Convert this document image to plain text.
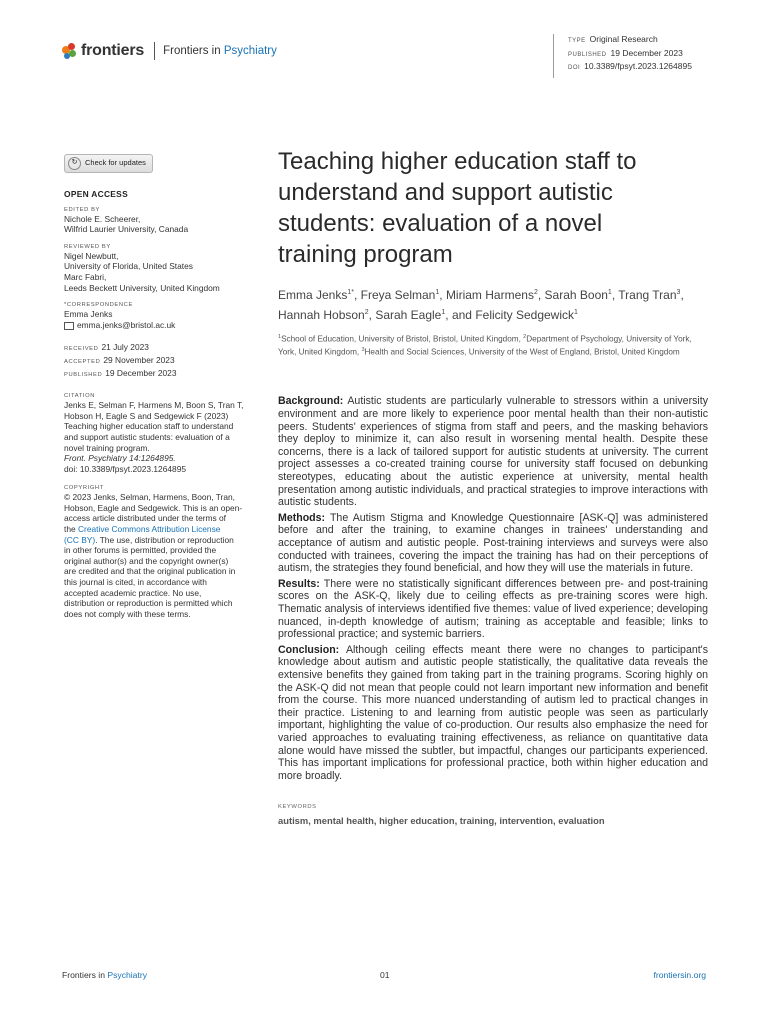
frontiers Frontiers in Psychiatry
TYPE Original Research
PUBLISHED 19 December 2023
DOI 10.3389/fpsyt.2023.1264895
↻	Check for updates
OPEN ACCESS
EDITED BY
Nichole E. Scheerer,
Wilfrid Laurier University, Canada
REVIEWED BY
Nigel Newbutt,
University of Florida, United States
Marc Fabri,
Leeds Beckett University, United Kingdom
*CORRESPONDENCE
Emma Jenks
emma.jenks@bristol.ac.uk
RECEIVED 21 July 2023
ACCEPTED 29 November 2023
PUBLISHED 19 December 2023
CITATION
Jenks E, Selman F, Harmens M, Boon S, Tran T,
Hobson H, Eagle S and Sedgewick F (2023)
Teaching higher education staff to understand
and support autistic students: evaluation of a
novel training program.
Front. Psychiatry 14:1264895.
doi: 10.3389/fpsyt.2023.1264895
COPYRIGHT
© 2023 Jenks, Selman, Harmens, Boon, Tran,
Hobson, Eagle and Sedgewick. This is an open-
access article distributed under the terms of
the Creative Commons Attribution License
(CC BY). The use, distribution or reproduction
in other forums is permitted, provided the
original author(s) and the copyright owner(s)
are credited and that the original publication in
this journal is cited, in accordance with
accepted academic practice. No use,
distribution or reproduction is permitted which
does not comply with these terms.
Teaching higher education staff to
understand and support autistic
students: evaluation of a novel
training program
Emma Jenks$^{1*}$, Freya Selman$^1$, Miriam Harmens$^2$, Sarah Boon$^1$, Trang Tran$^3$, Hannah Hobson$^2$, Sarah Eagle$^1$, and Felicity Sedgewick$^1$
$^1$School of Education, University of Bristol, Bristol, United Kingdom, $^2$Department of Psychology, University of York, York, United Kingdom, $^3$Health and Social Sciences, University of the West of England, Bristol, United Kingdom

Background: Autistic students are particularly vulnerable to stressors within a university environment and are more likely to experience poor mental health than their non-autistic peers. Students' experiences of stigma from staff and peers, and the masking behaviors they deploy to minimize it, can also result in worsening mental health. Despite these concerns, there is a lack of tailored support for autistic students at university. The current project assesses a co-created training course for university staff focused on debunking stereotypes, educating about the autistic experience at university, mental health presentation among autistic individuals, and practical strategies to improve interactions with autistic students.

Methods: The Autism Stigma and Knowledge Questionnaire [ASK-Q] was administered before and after the training, to examine changes in trainees' understanding and acceptance of autism and autistic people. Post-training interviews and surveys were also conducted with trainees, covering the impact the training has had on their perceptions of autism, the strategies they found beneficial, and how they will use the materials in future.

Results: There were no statistically significant differences between pre- and post-training scores on the ASK-Q, likely due to ceiling effects as pre-training scores were high. Thematic analysis of interviews identified five themes: value of lived experience; developing nuanced, in-depth knowledge of autism; training as acceptable and feasible; links to professional practice; and systemic barriers.

Conclusion: Although ceiling effects meant there were no changes to participant's knowledge about autism and autistic people statistically, the qualitative data reveals the extensive benefits they gained from taking part in the training programs. Scoring highly on the ASK-Q did not mean that people could not learn important new information and benefit from the course. This more nuanced understanding of autism led to practical changes in their practice. Listening to and learning from autistic people was seen as particularly important, highlighting the value of co-production. Our results also emphasize the need for varied approaches to evaluating training effectiveness, as reliance on quantitative data alone would have missed the subtler, but impactful, changes our participants experienced. This has important implications for professional practice, both within higher education and more broadly.

KEYWORDS
autism, mental health, higher education, training, intervention, evaluation
Frontiers in Psychiatry	01	frontiersin.org
